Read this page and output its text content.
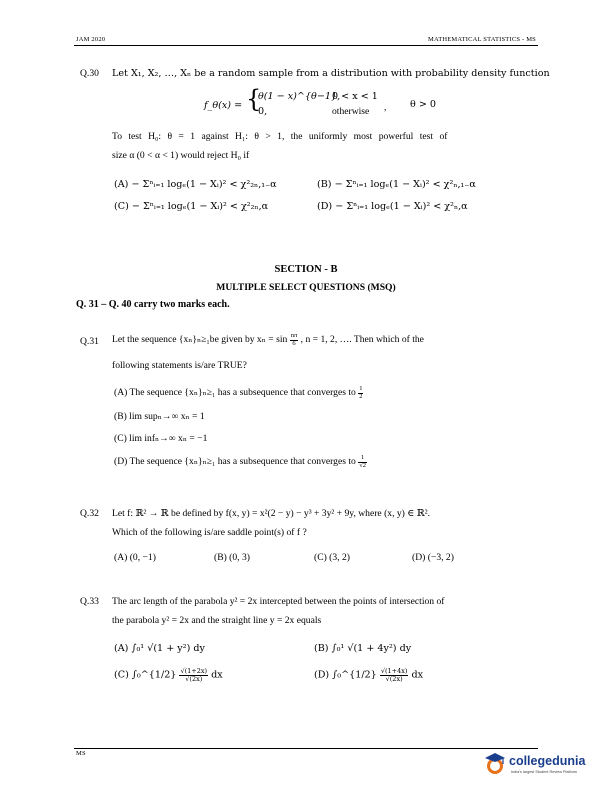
JAM 2020	MATHEMATICAL STATISTICS - MS
Q.30 Let X₁, X₂, …, Xₙ be a random sample from a distribution with probability density function
f_θ(x) = {
θ(1 − x)^{θ−1},
0 < x < 1
0,	otherwise , θ > 0
To test H₀: θ = 1 against H₁: θ > 1, the uniformly most powerful test of
size α (0 < α < 1) would reject H₀ if
(A) − Σⁿᵢ₌₁ logₑ(1 − Xᵢ)² < χ²₂ₙ,₁₋α	(B) − Σⁿᵢ₌₁ logₑ(1 − Xᵢ)² < χ²ₙ,₁₋α
(C) − Σⁿᵢ₌₁ logₑ(1 − Xᵢ)² < χ²₂ₙ,α	(D) − Σⁿᵢ₌₁ logₑ(1 − Xᵢ)² < χ²ₙ,α
SECTION - B
MULTIPLE SELECT QUESTIONS (MSQ)
Q. 31 – Q. 40 carry two marks each.
Q.31 Let the sequence {xₙ}ₙ≥₁be given by $x_n = \sin \frac{n\pi}{6}$ , n = 1, 2, …. Then which of the
following statements is/are TRUE?
(A) The sequence {xₙ}ₙ≥₁ has a subsequence that converges to $\frac{1}{2}$
(B) lim supₙ→∞ xₙ = 1
(C) lim infₙ→∞ xₙ = −1
(D) The sequence {xₙ}ₙ≥₁ has a subsequence that converges to $\frac{1}{√2}$
Q.32 Let f: ℝ² → ℝ be defined by f(x, y) = x²(2 − y) − y³ + 3y² + 9y, where (x, y) ∈ ℝ².
Which of the following is/are saddle point(s) of f ?
(A) (0, −1)	(B) (0, 3)	(C) (3, 2)	(D) (−3, 2)
Q.33 The arc length of the parabola y² = 2x intercepted between the points of intersection of
the parabola y² = 2x and the straight line y = 2x equals
(A) ∫₀¹ √(1 + y²) dy	(B) ∫₀¹ √(1 + 4y²) dy
(C) ∫₀^{1/2} $\frac{√(1+2x)}{√(2x)}$ dx	(D) ∫₀^{1/2} $\frac{√(1+4x)}{√(2x)}$ dx
MS
collegedunia
India's largest Student Review Platform
